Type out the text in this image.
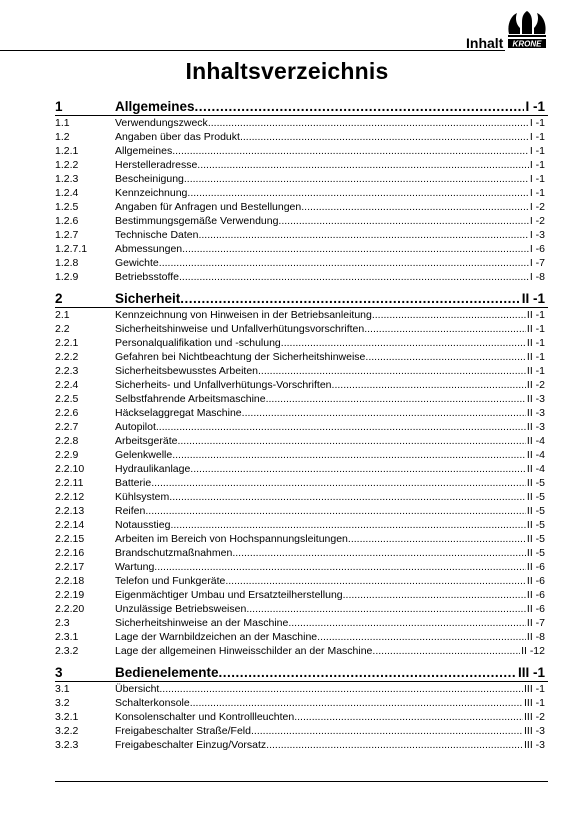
Inhalt KRONE
Inhaltsverzeichnis
1	Allgemeines .....	I -1
1.1	Verwendungszweck .....	I -1
1.2	Angaben über das Produkt .....	I -1
1.2.1	Allgemeines .....	I -1
1.2.2	Herstelleradresse .....	I -1
1.2.3	Bescheinigung .....	I -1
1.2.4	Kennzeichnung .....	I -1
1.2.5	Angaben für Anfragen und Bestellungen .....	I -2
1.2.6	Bestimmungsgemäße Verwendung .....	I -2
1.2.7	Technische Daten .....	I -3
1.2.7.1	Abmessungen .....	I -6
1.2.8	Gewichte .....	I -7
1.2.9	Betriebsstoffe .....	I -8
2	Sicherheit .....	II -1
2.1	Kennzeichnung von Hinweisen in der Betriebsanleitung .....	II -1
2.2	Sicherheitshinweise und Unfallverhütungsvorschriften .....	II -1
2.2.1	Personalqualifikation und -schulung .....	II -1
2.2.2	Gefahren bei Nichtbeachtung der Sicherheitshinweise .....	II -1
2.2.3	Sicherheitsbewusstes Arbeiten .....	II -1
2.2.4	Sicherheits- und Unfallverhütungs-Vorschriften .....	II -2
2.2.5	Selbstfahrende Arbeitsmaschine .....	II -3
2.2.6	Häckselaggregat Maschine .....	II -3
2.2.7	Autopilot .....	II -3
2.2.8	Arbeitsgeräte .....	II -4
2.2.9	Gelenkwelle .....	II -4
2.2.10	Hydraulikanlage .....	II -4
2.2.11	Batterie .....	II -5
2.2.12	Kühlsystem .....	II -5
2.2.13	Reifen .....	II -5
2.2.14	Notausstieg .....	II -5
2.2.15	Arbeiten im Bereich von Hochspannungsleitungen .....	II -5
2.2.16	Brandschutzmaßnahmen .....	II -5
2.2.17	Wartung .....	II -6
2.2.18	Telefon und Funkgeräte .....	II -6
2.2.19	Eigenmächtiger Umbau und Ersatzteilherstellung .....	II -6
2.2.20	Unzulässige Betriebsweisen .....	II -6
2.3	Sicherheitshinweise an der Maschine .....	II -7
2.3.1	Lage der Warnbildzeichen an der Maschine .....	II -8
2.3.2	Lage der allgemeinen Hinweisschilder an der Maschine .....	II -12
3	Bedienelemente .....	III -1
3.1	Übersicht .....	III -1
3.2	Schalterkonsole .....	III -1
3.2.1	Konsolenschalter und Kontrollleuchten .....	III -2
3.2.2	Freigabeschalter Straße/Feld .....	III -3
3.2.3	Freigabeschalter Einzug/Vorsatz .....	III -3
